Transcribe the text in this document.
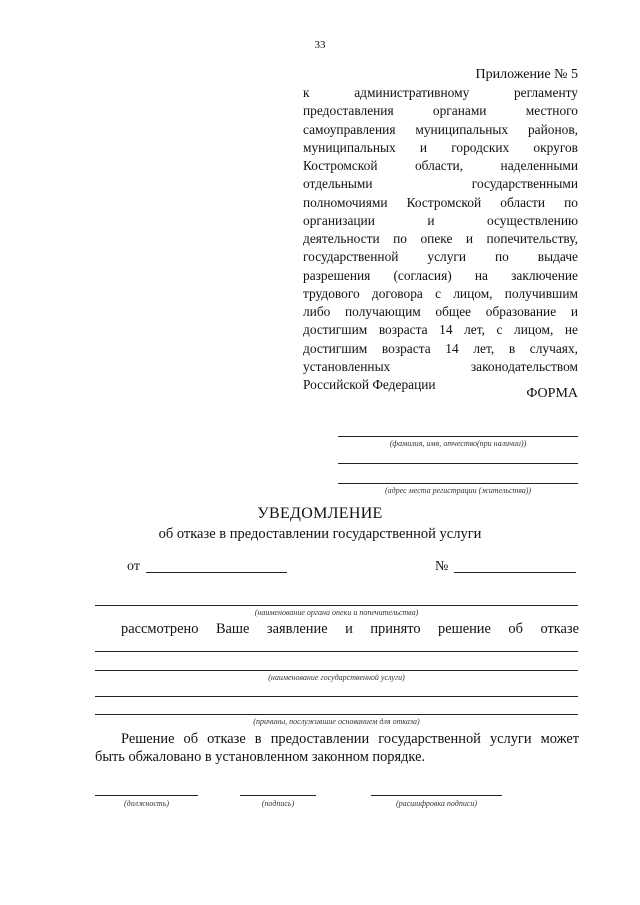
33
Приложение № 5
к административному регламенту
предоставления органами местного
самоуправления муниципальных районов,
муниципальных и городских округов
Костромской области, наделенными
отдельными государственными
полномочиями Костромской области по
организации и осуществлению
деятельности по опеке и попечительству,
государственной услуги по выдаче
разрешения (согласия) на заключение
трудового договора с лицом, получившим
либо получающим общее образование и
достигшим возраста 14 лет, с лицом, не
достигшим возраста 14 лет, в случаях,
установленных законодательством
Российской Федерации
ФОРМА
(фамилия, имя, отчество(при наличии))
(адрес места регистрации (жительства))
УВЕДОМЛЕНИЕ
об отказе в предоставлении государственной услуги
от	№
(наименование органа опеки и попечительства)
рассмотрено Ваше заявление и принято решение об отказе
(наименование государственной услуги)
(причины, послужившие основанием для отказа)
Решение об отказе в предоставлении государственной услуги может
быть обжаловано в установленном законном порядке.
(должность)	(подпись)	(расшифровка подписи)
